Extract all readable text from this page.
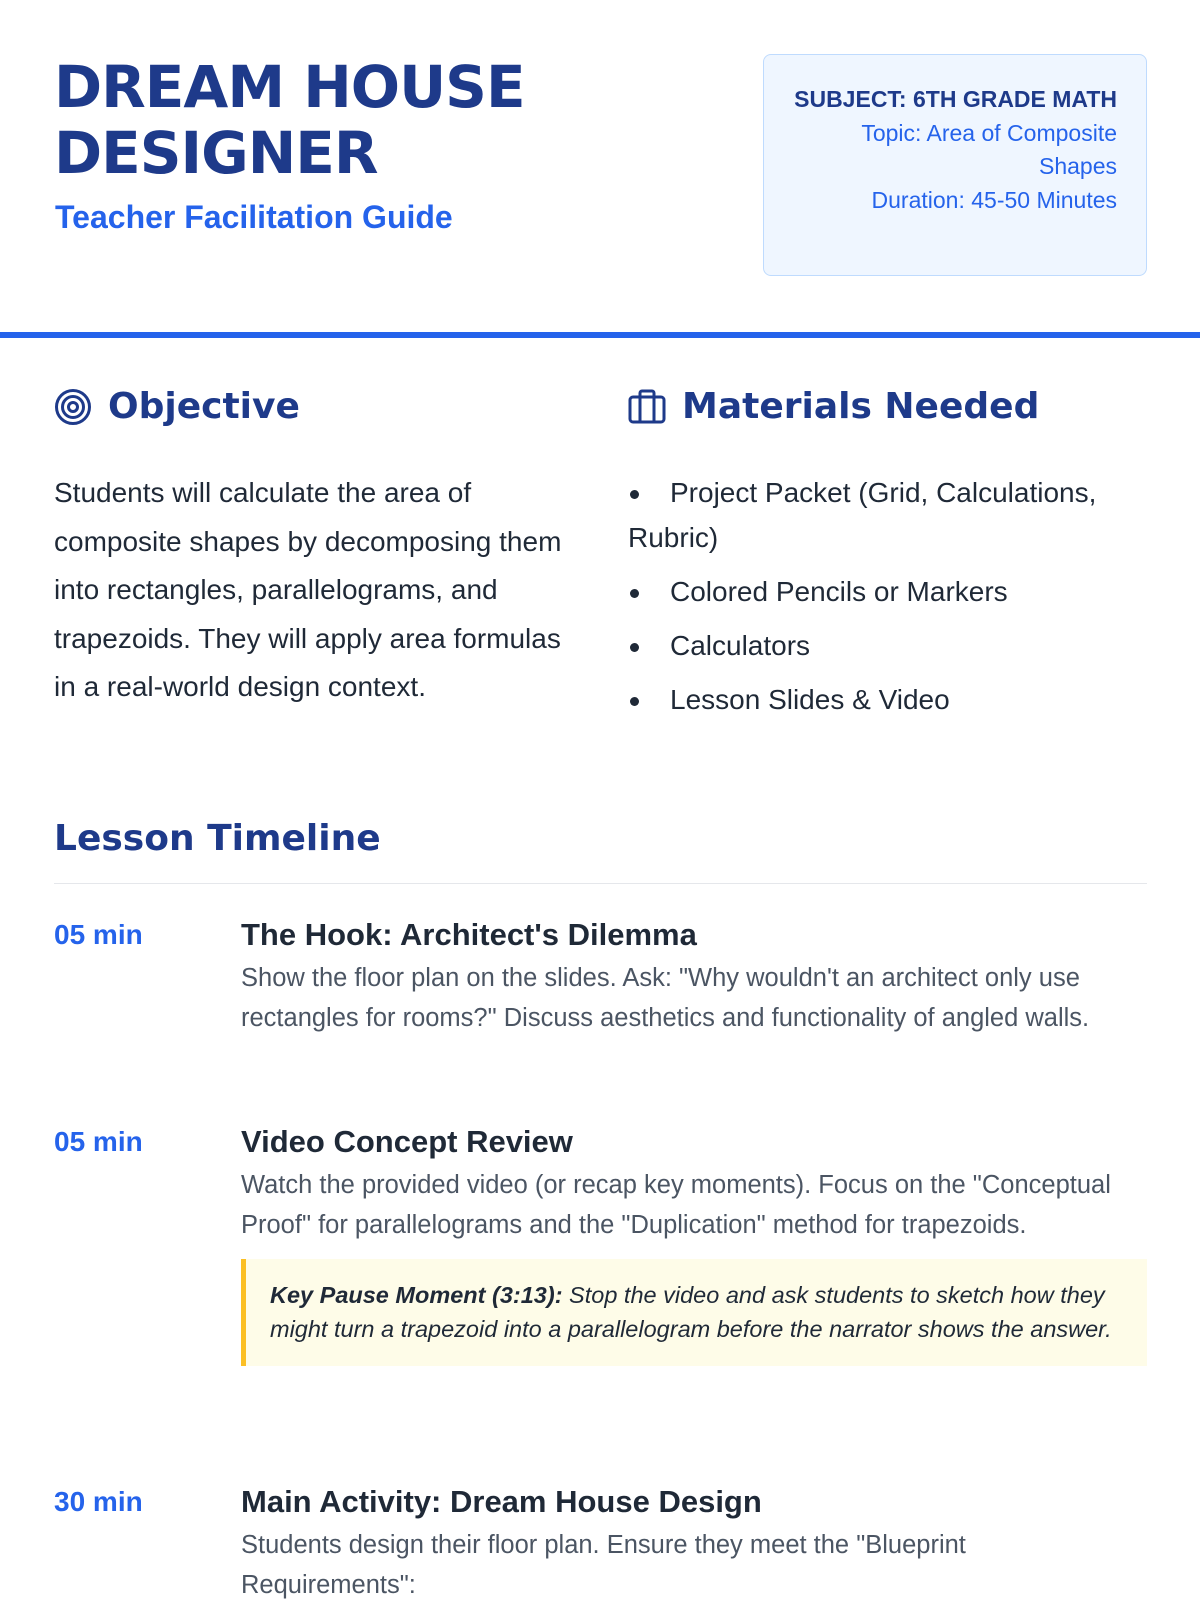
DREAM HOUSE
DESIGNER
Teacher Facilitation Guide
SUBJECT: 6TH GRADE MATH
Topic: Area of Composite Shapes
Duration: 45-50 Minutes
Objective

Students will calculate the area of composite shapes by decomposing them into rectangles, parallelograms, and trapezoids. They will apply area formulas in a real-world design context.

Materials Needed
Project Packet (Grid, Calculations, Rubric)
Colored Pencils or Markers
Calculators
Lesson Slides & Video
Lesson Timeline
05 min	The Hook: Architect's Dilemma
Show the floor plan on the slides. Ask: "Why wouldn't an architect only use rectangles for rooms?" Discuss aesthetics and functionality of angled walls.
05 min	Video Concept Review
Watch the provided video (or recap key moments). Focus on the "Conceptual Proof" for parallelograms and the "Duplication" method for trapezoids.
Key Pause Moment (3:13): Stop the video and ask students to sketch how they might turn a trapezoid into a parallelogram before the narrator shows the answer.
30 min	Main Activity: Dream House Design
Students design their floor plan. Ensure they meet the "Blueprint Requirements":
